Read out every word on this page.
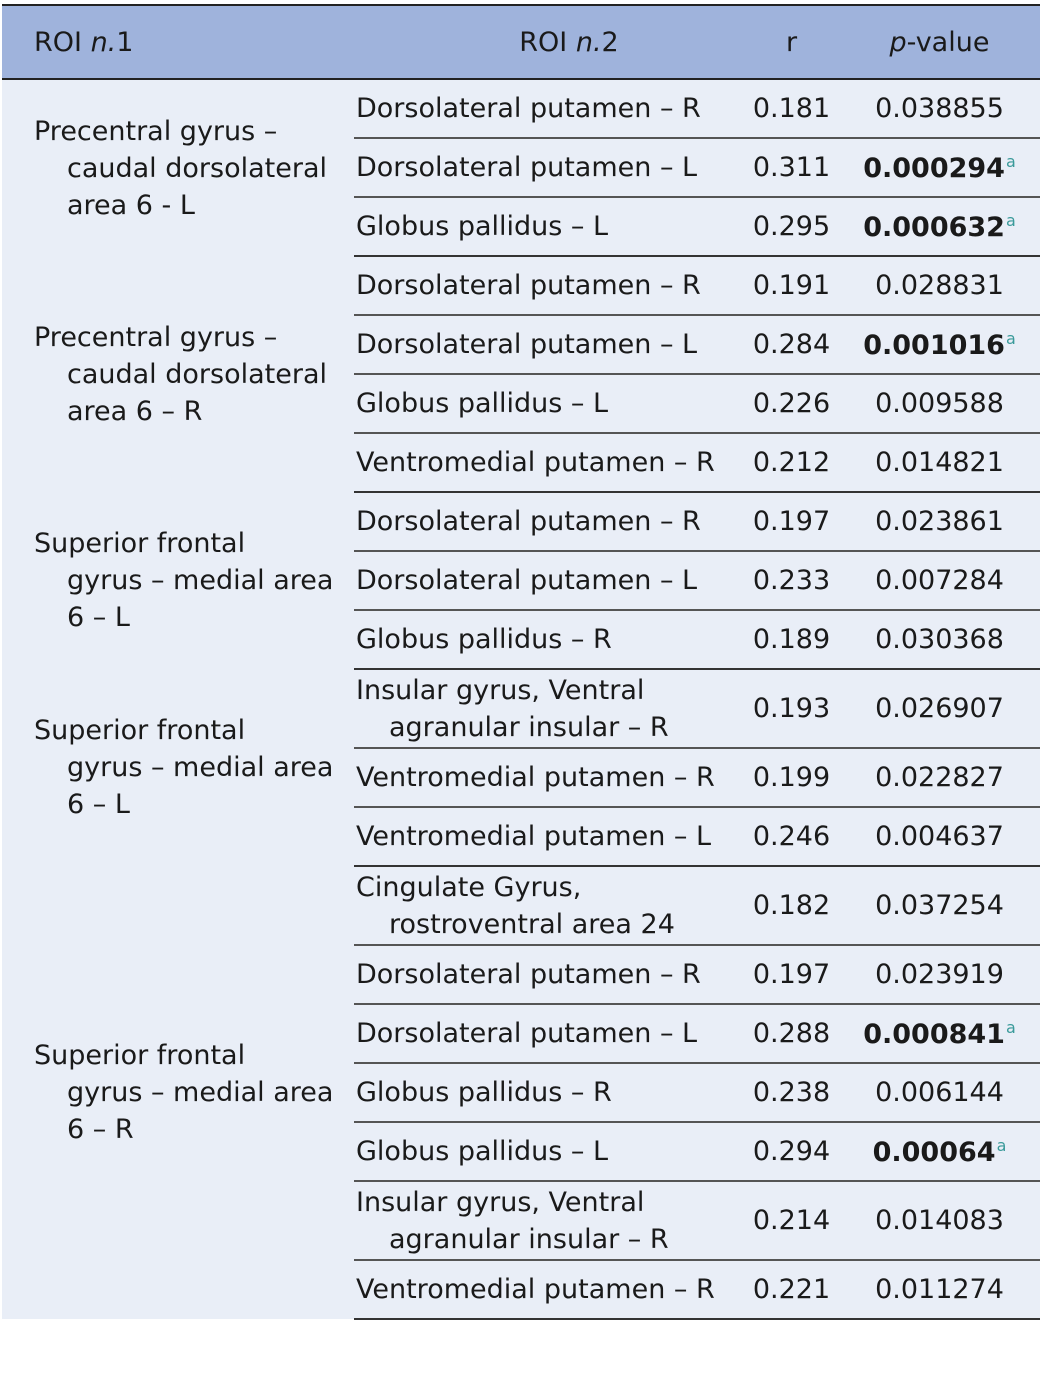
ROI n.1	ROI n.2	r	p-value
Precentral gyrus –
caudal dorsolateral area 6 - L	Dorsolateral putamen – R	0.181	0.038855
	Dorsolateral putamen – L	0.311	0.000294$^a$
	Globus pallidus – L	0.295	0.000632$^a$
Precentral gyrus –
caudal dorsolateral area 6 – R	Dorsolateral putamen – R	0.191	0.028831
	Dorsolateral putamen – L	0.284	0.001016$^a$
	Globus pallidus – L	0.226	0.009588
	Ventromedial putamen – R	0.212	0.014821
Superior frontal
gyrus – medial area 6 – L	Dorsolateral putamen – R	0.197	0.023861
	Dorsolateral putamen – L	0.233	0.007284
	Globus pallidus – R	0.189	0.030368
Superior frontal
gyrus – medial area 6 – L	Insular gyrus, Ventral
agranular insular – R	0.193	0.026907
	Ventromedial putamen – R	0.199	0.022827
	Ventromedial putamen – L	0.246	0.004637
Superior frontal
gyrus – medial area 6 – R	Cingulate Gyrus,
rostroventral area 24	0.182	0.037254
	Dorsolateral putamen – R	0.197	0.023919
	Dorsolateral putamen – L	0.288	0.000841$^a$
	Globus pallidus – R	0.238	0.006144
	Globus pallidus – L	0.294	0.00064$^a$
	Insular gyrus, Ventral
agranular insular – R	0.214	0.014083
	Ventromedial putamen – R	0.221	0.011274
